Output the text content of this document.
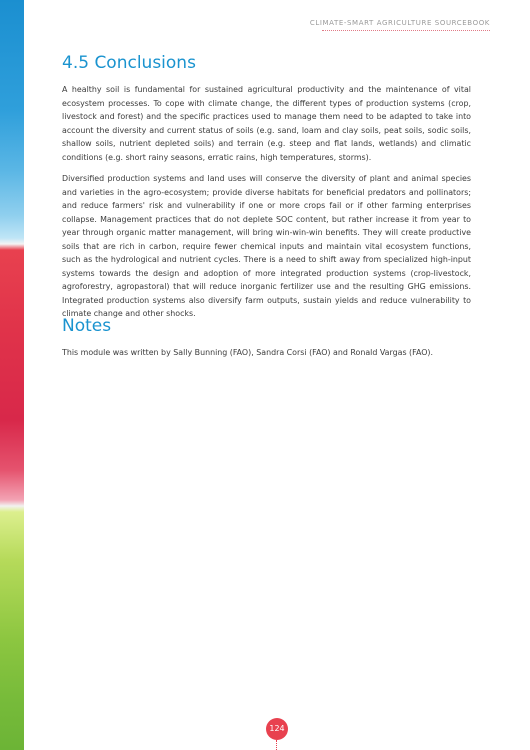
CLIMATE-SMART AGRICULTURE SOURCEBOOK
4.5 Conclusions

A healthy soil is fundamental for sustained agricultural productivity and the maintenance of vital ecosystem processes. To cope with climate change, the different types of production systems (crop, livestock and forest) and the specific practices used to manage them need to be adapted to take into account the diversity and current status of soils (e.g. sand, loam and clay soils, peat soils, sodic soils, shallow soils, nutrient depleted soils) and terrain (e.g. steep and flat lands, wetlands) and climatic conditions (e.g. short rainy seasons, erratic rains, high temperatures, storms).

Diversified production systems and land uses will conserve the diversity of plant and animal species and varieties in the agro-ecosystem; provide diverse habitats for beneficial predators and pollinators; and reduce farmers' risk and vulnerability if one or more crops fail or if other farming enterprises collapse. Management practices that do not deplete SOC content, but rather increase it from year to year through organic matter management, will bring win-win-win benefits. They will create productive soils that are rich in carbon, require fewer chemical inputs and maintain vital ecosystem functions, such as the hydrological and nutrient cycles. There is a need to shift away from specialized high-input systems towards the design and adoption of more integrated production systems (crop-livestock, agroforestry, agropastoral) that will reduce inorganic fertilizer use and the resulting GHG emissions. Integrated production systems also diversify farm outputs, sustain yields and reduce vulnerability to climate change and other shocks.

Notes

This module was written by Sally Bunning (FAO), Sandra Corsi (FAO) and Ronald Vargas (FAO).

124
